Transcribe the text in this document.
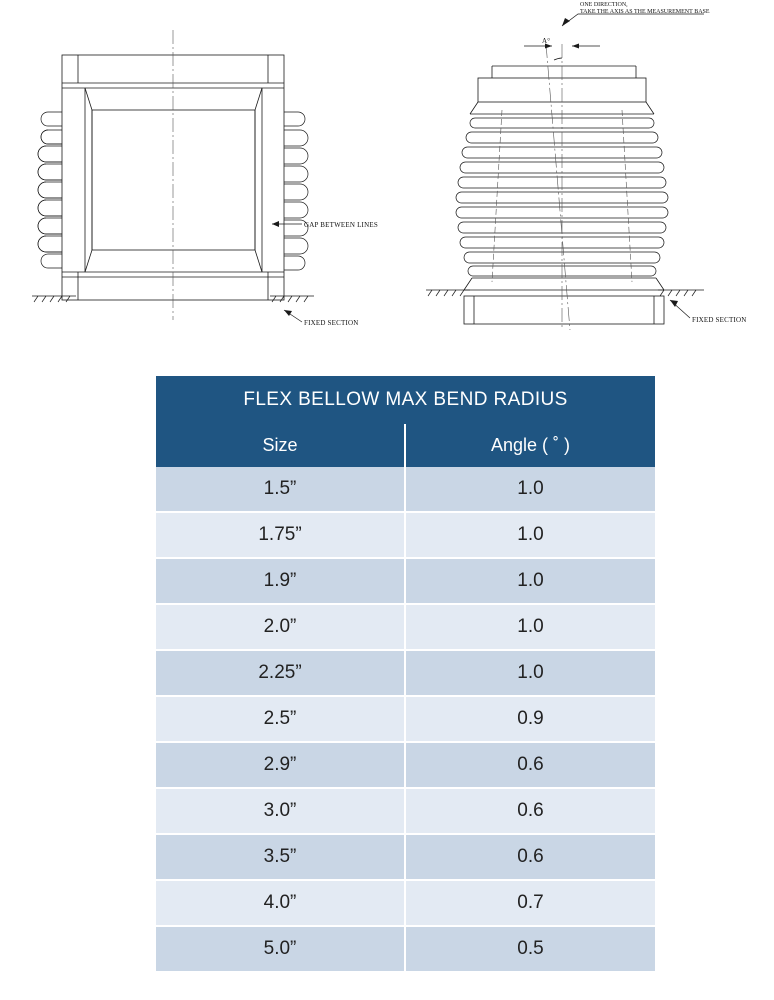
GAP BETWEEN LINES
FIXED SECTION
ONE DIRECTION,
TAKE THE AXIS AS THE MEASUREMENT BASE
A°
FIXED SECTION
FLEX BELLOW MAX BEND RADIUS
Size	Angle ( ˚ )
1.5”	1.0
1.75”	1.0
1.9”	1.0
2.0”	1.0
2.25”	1.0
2.5”	0.9
2.9”	0.6
3.0”	0.6
3.5”	0.6
4.0”	0.7
5.0”	0.5
